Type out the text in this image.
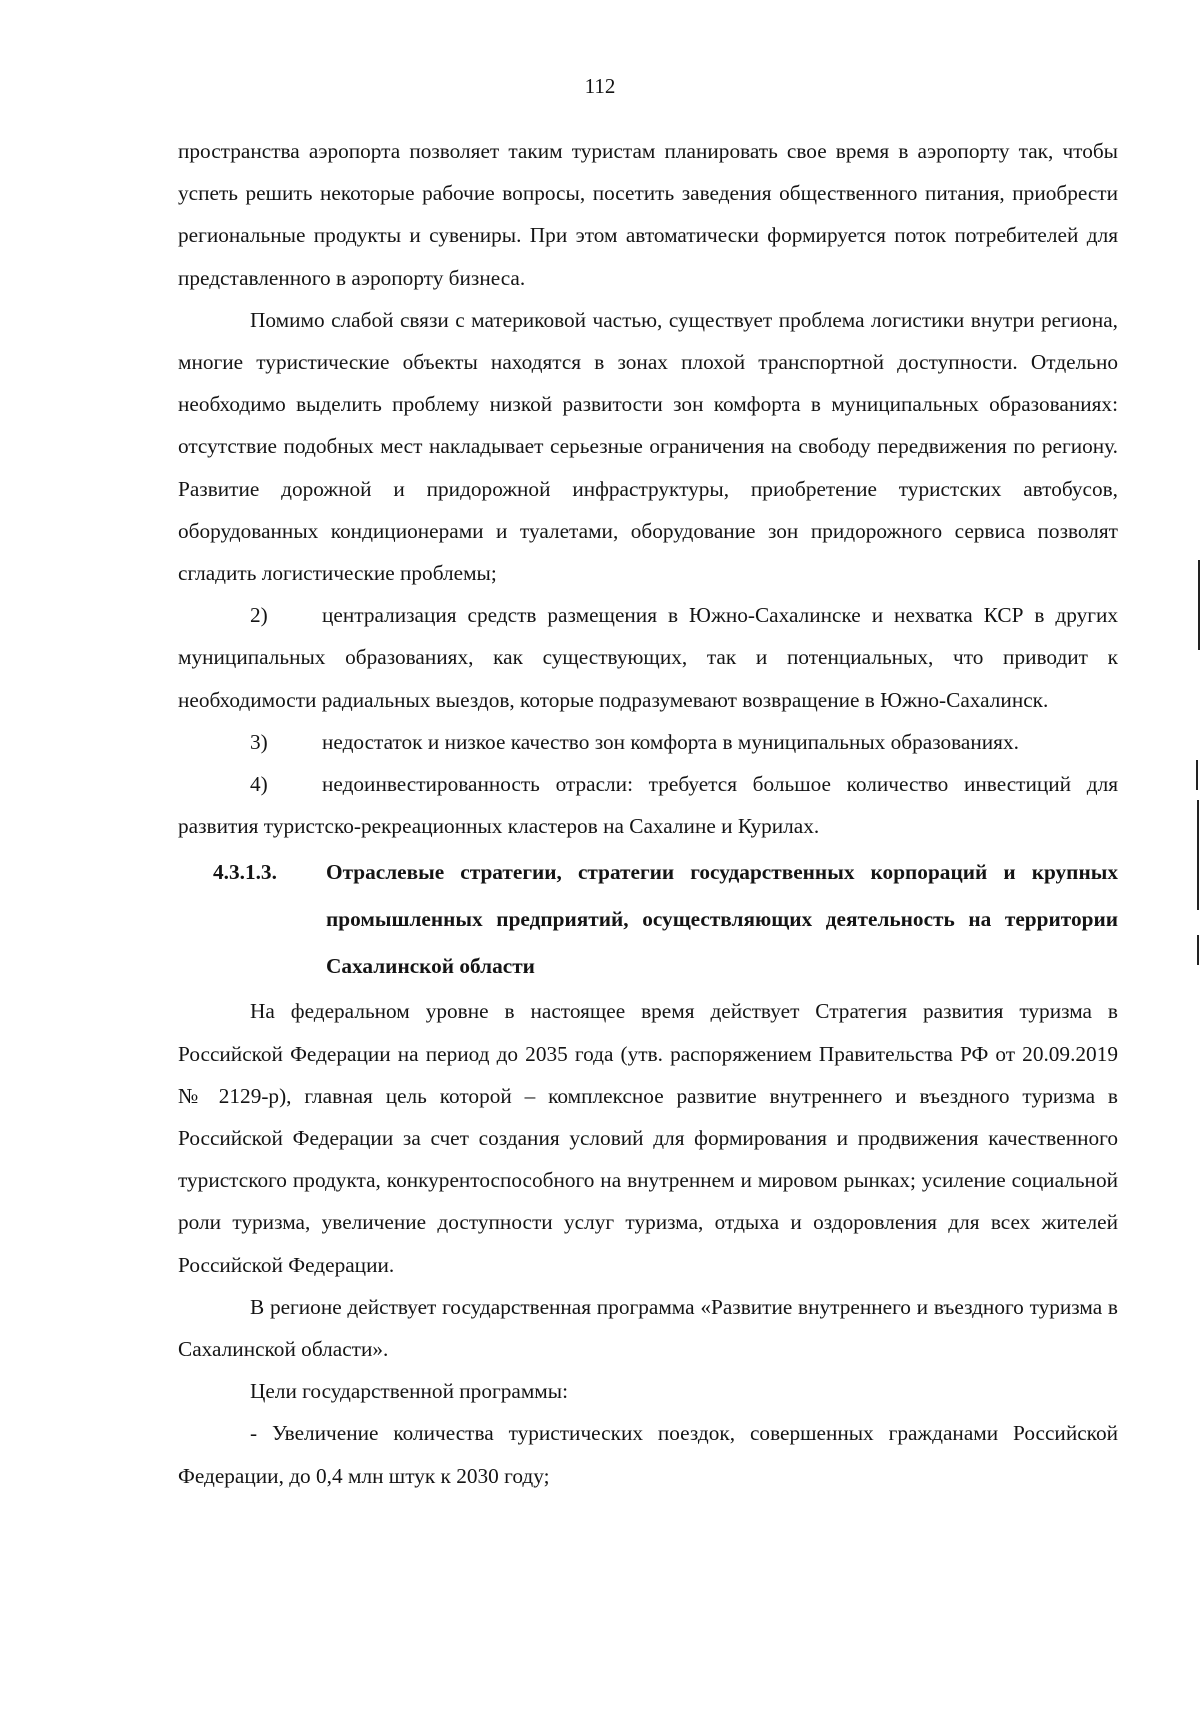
112

пространства аэропорта позволяет таким туристам планировать свое время в аэропорту так, чтобы успеть решить некоторые рабочие вопросы, посетить заведения общественного питания, приобрести региональные продукты и сувениры. При этом автоматически формируется поток потребителей для представленного в аэропорту бизнеса.

Помимо слабой связи с материковой частью, существует проблема логистики внутри региона, многие туристические объекты находятся в зонах плохой транспортной доступности. Отдельно необходимо выделить проблему низкой развитости зон комфорта в муниципальных образованиях: отсутствие подобных мест накладывает серьезные ограничения на свободу передвижения по региону. Развитие дорожной и придорожной инфраструктуры, приобретение туристских автобусов, оборудованных кондиционерами и туалетами, оборудование зон придорожного сервиса позволят сгладить логистические проблемы;

2)	централизация средств размещения в Южно-Сахалинске и нехватка КСР в других муниципальных образованиях, как существующих, так и потенциальных, что приводит к необходимости радиальных выездов, которые подразумевают возвращение в Южно-Сахалинск.

3)	недостаток и низкое качество зон комфорта в муниципальных образованиях.

4)	недоинвестированность отрасли: требуется большое количество инвестиций для развития туристско-рекреационных кластеров на Сахалине и Курилах.

4.3.1.3. Отраслевые стратегии, стратегии государственных корпораций и крупных промышленных предприятий, осуществляющих деятельность на территории Сахалинской области

На федеральном уровне в настоящее время действует Стратегия развития туризма в Российской Федерации на период до 2035 года (утв. распоряжением Правительства РФ от 20.09.2019 № 2129-р), главная цель которой – комплексное развитие внутреннего и въездного туризма в Российской Федерации за счет создания условий для формирования и продвижения качественного туристского продукта, конкурентоспособного на внутреннем и мировом рынках; усиление социальной роли туризма, увеличение доступности услуг туризма, отдыха и оздоровления для всех жителей Российской Федерации.

В регионе действует государственная программа «Развитие внутреннего и въездного туризма в Сахалинской области».

Цели государственной программы:

- Увеличение количества туристических поездок, совершенных гражданами Российской Федерации, до 0,4 млн штук к 2030 году;
